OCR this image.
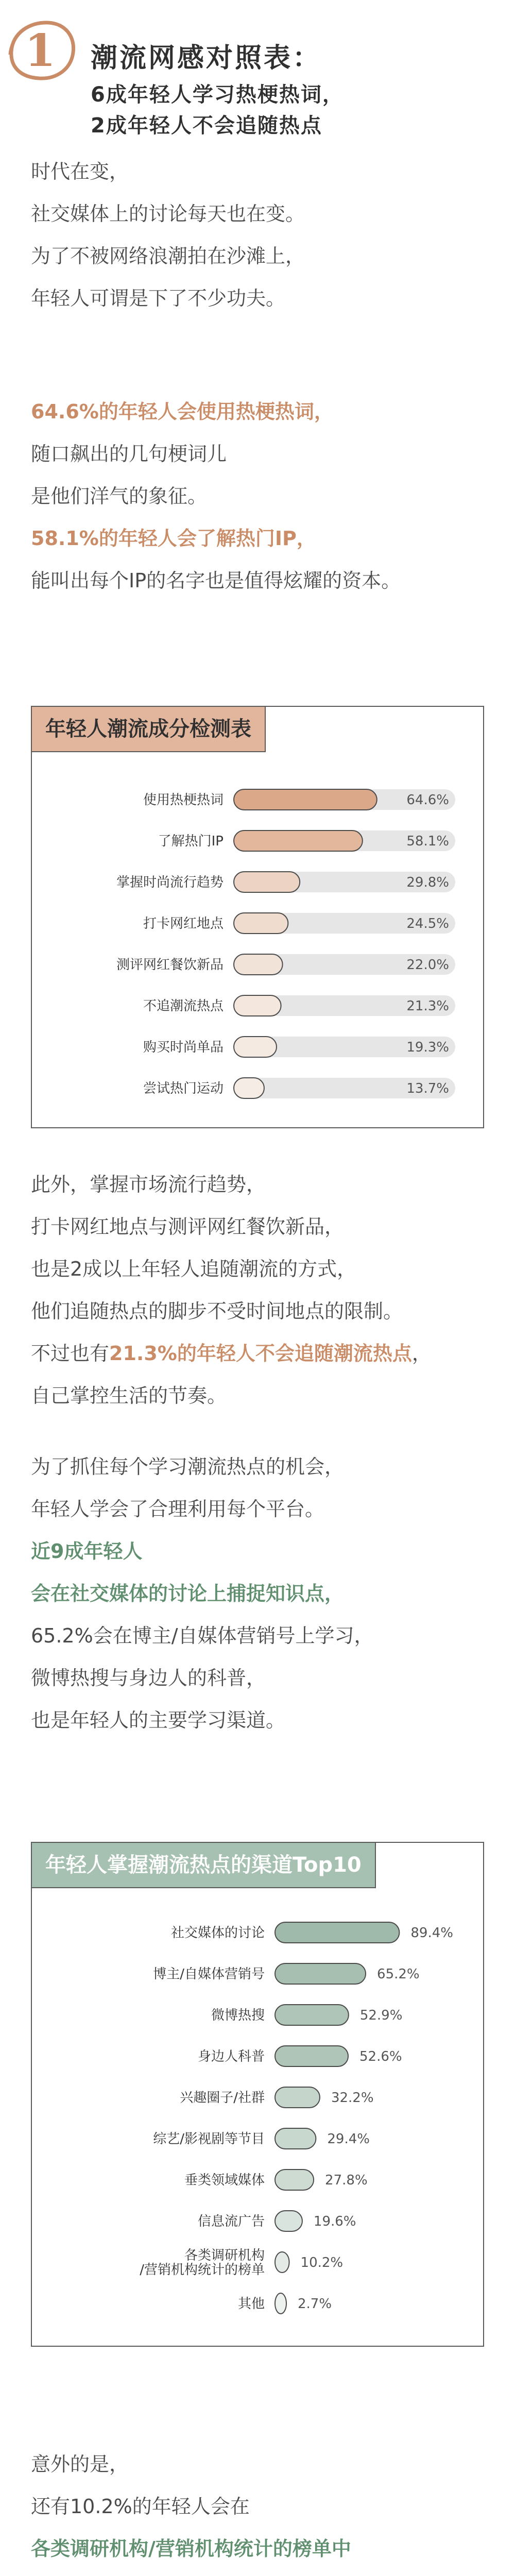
1 潮流网感对照表：
6成年轻人学习热梗热词，
2成年轻人不会追随热点
时代在变，
社交媒体上的讨论每天也在变。
为了不被网络浪潮拍在沙滩上，
年轻人可谓是下了不少功夫。
64.6%的年轻人会使用热梗热词，
随口飙出的几句梗词儿
是他们洋气的象征。
58.1%的年轻人会了解热门IP，
能叫出每个IP的名字也是值得炫耀的资本。
年轻人潮流成分检测表
使用热梗热词	64.6%
了解热门IP	58.1%
掌握时尚流行趋势	29.8%
打卡网红地点	24.5%
测评网红餐饮新品	22.0%
不追潮流热点	21.3%
购买时尚单品	19.3%
尝试热门运动	13.7%
此外，掌握市场流行趋势，
打卡网红地点与测评网红餐饮新品，
也是2成以上年轻人追随潮流的方式，
他们追随热点的脚步不受时间地点的限制。
不过也有21.3%的年轻人不会追随潮流热点，
自己掌控生活的节奏。
为了抓住每个学习潮流热点的机会，
年轻人学会了合理利用每个平台。
近9成年轻人
会在社交媒体的讨论上捕捉知识点，
65.2%会在博主/自媒体营销号上学习，
微博热搜与身边人的科普，
也是年轻人的主要学习渠道。
年轻人掌握潮流热点的渠道Top10
社交媒体的讨论	89.4%
博主/自媒体营销号	65.2%
微博热搜	52.9%
身边人科普	52.6%
兴趣圈子/社群	32.2%
综艺/影视剧等节目	29.4%
垂类领域媒体	27.8%
信息流广告	19.6%
各类调研机构/营销机构统计的榜单	10.2%
其他 2.7%
意外的是，
还有10.2%的年轻人会在
各类调研机构/营销机构统计的榜单中
